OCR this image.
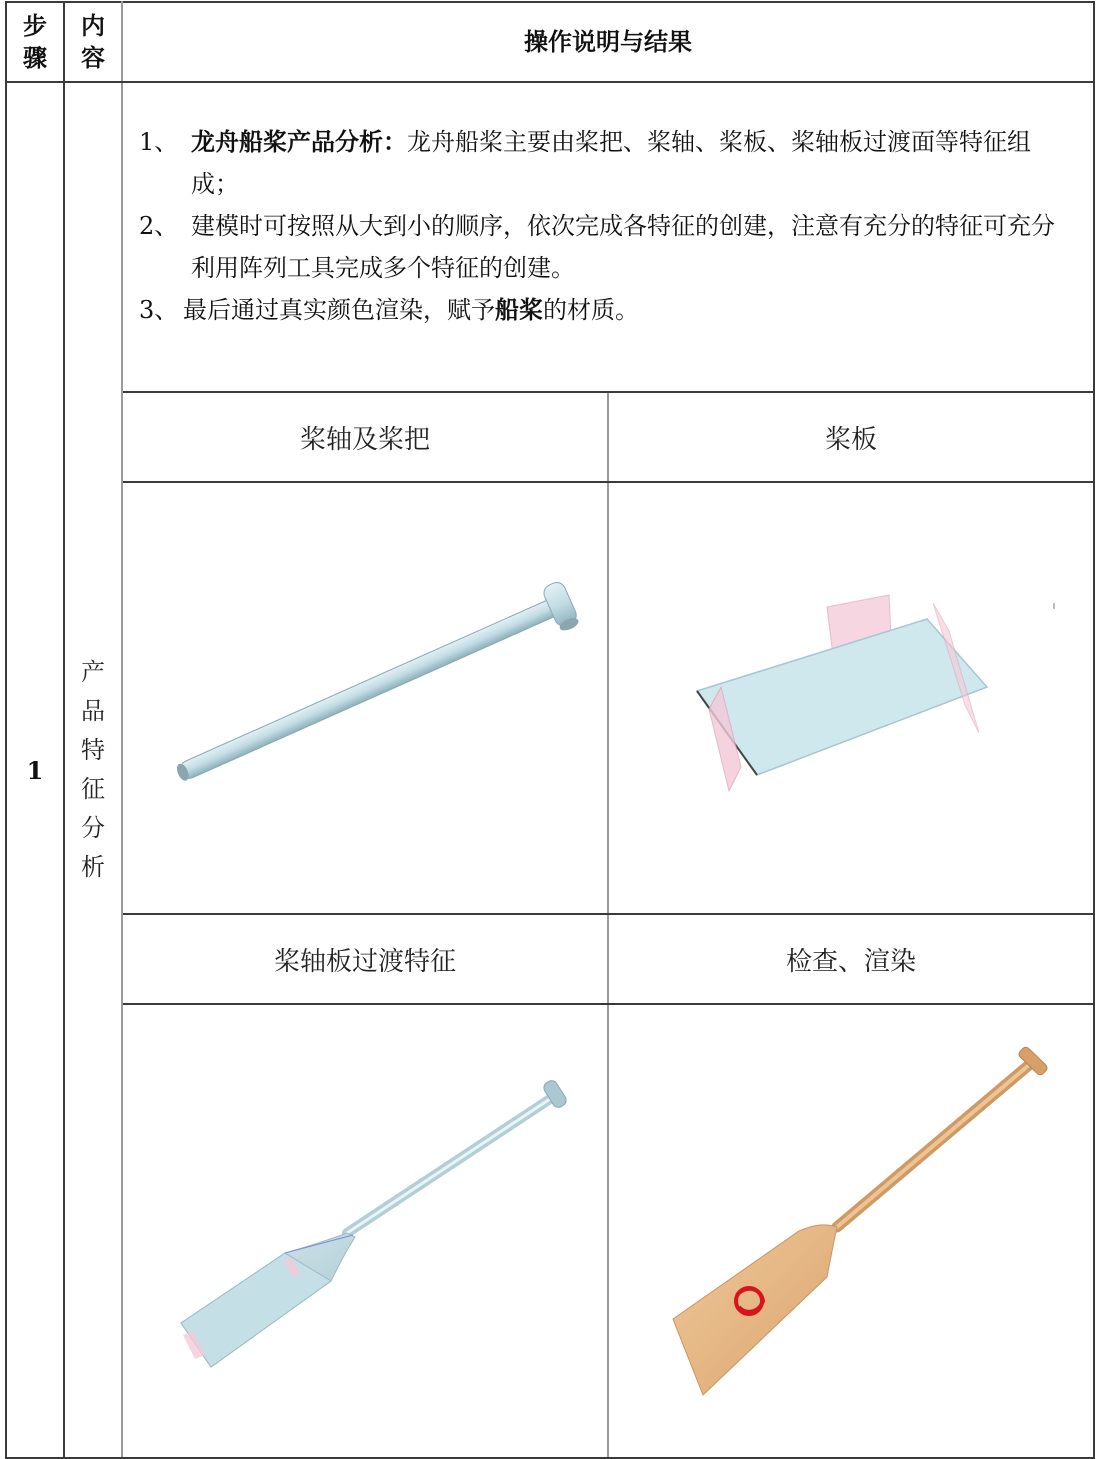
步骤	内容	操作说明与结果	
1	产品特征分析	
1、 龙舟船桨产品分析：龙舟船桨主要由桨把、桨轴、桨板、桨轴板过渡面等特征组成；
2、 建模时可按照从大到小的顺序，依次完成各特征的创建，注意有充分的特征可充分利用阵列工具完成多个特征的创建。
3、 最后通过真实颜色渲染，赋予船桨的材质。

		桨轴及桨把	桨板

		桨轴板过渡特征	检查、渲染
